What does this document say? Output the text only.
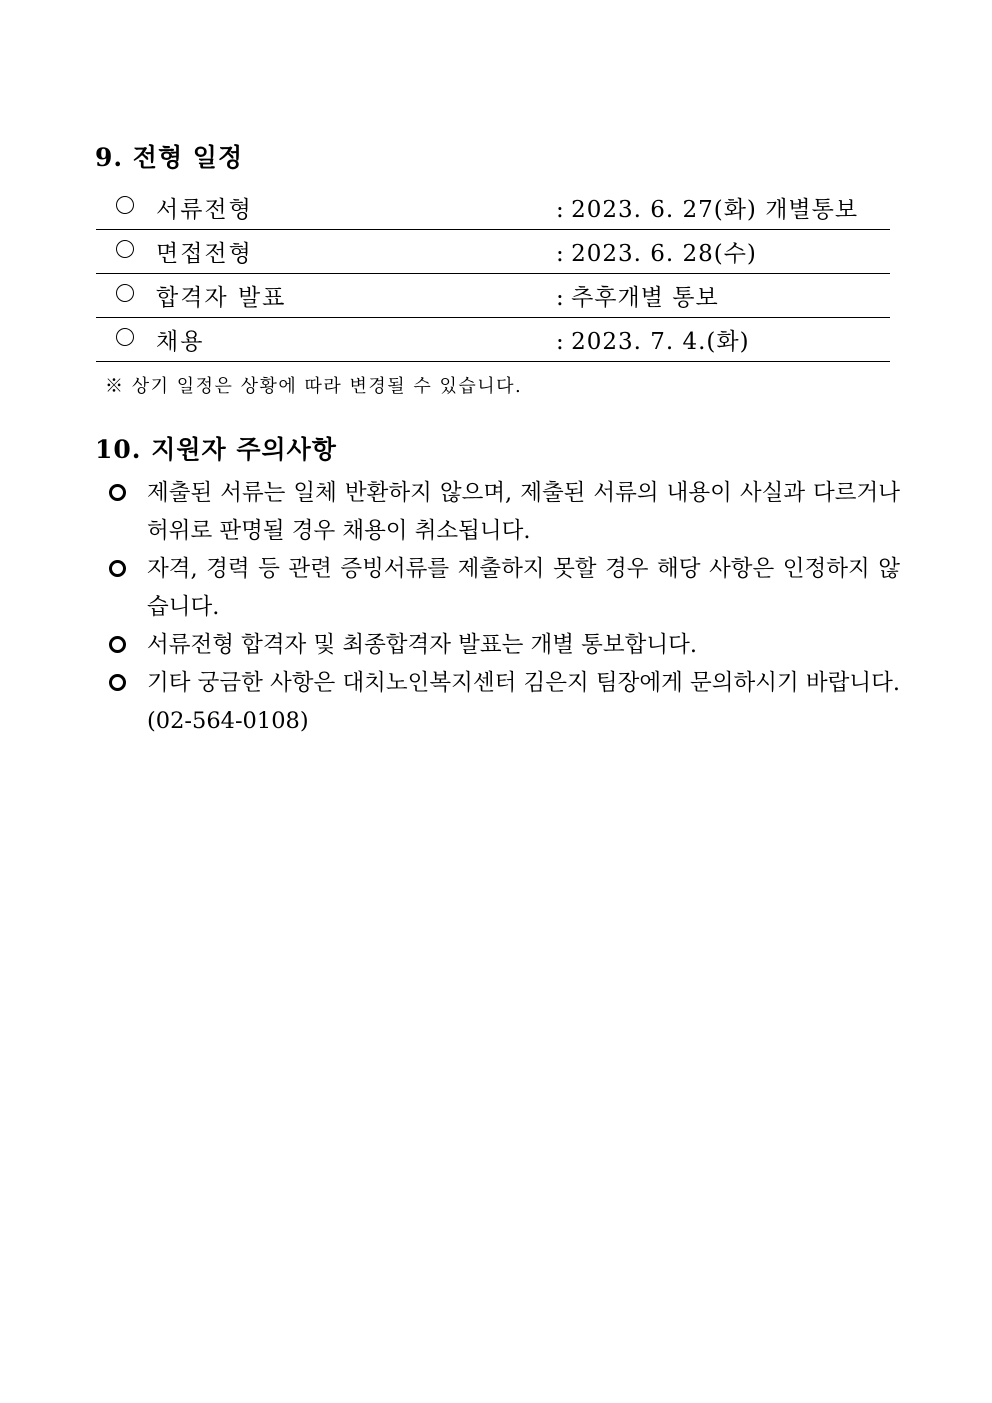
9. 전형 일정
서류전형	: 2023. 6. 27(화) 개별통보
면접전형	: 2023. 6. 28(수)
합격자 발표	: 추후개별 통보
채용	: 2023. 7. 4.(화)

※ 상기 일정은 상황에 따라 변경될 수 있습니다.

10. 지원자 주의사항

제출된 서류는 일체 반환하지 않으며, 제출된 서류의 내용이 사실과 다르거나 허위로 판명될 경우 채용이 취소됩니다.

자격, 경력 등 관련 증빙서류를 제출하지 못할 경우 해당 사항은 인정하지 않습니다.

서류전형 합격자 및 최종합격자 발표는 개별 통보합니다.

기타 궁금한 사항은 대치노인복지센터 김은지 팀장에게 문의하시기 바랍니다.(02-564-0108)
